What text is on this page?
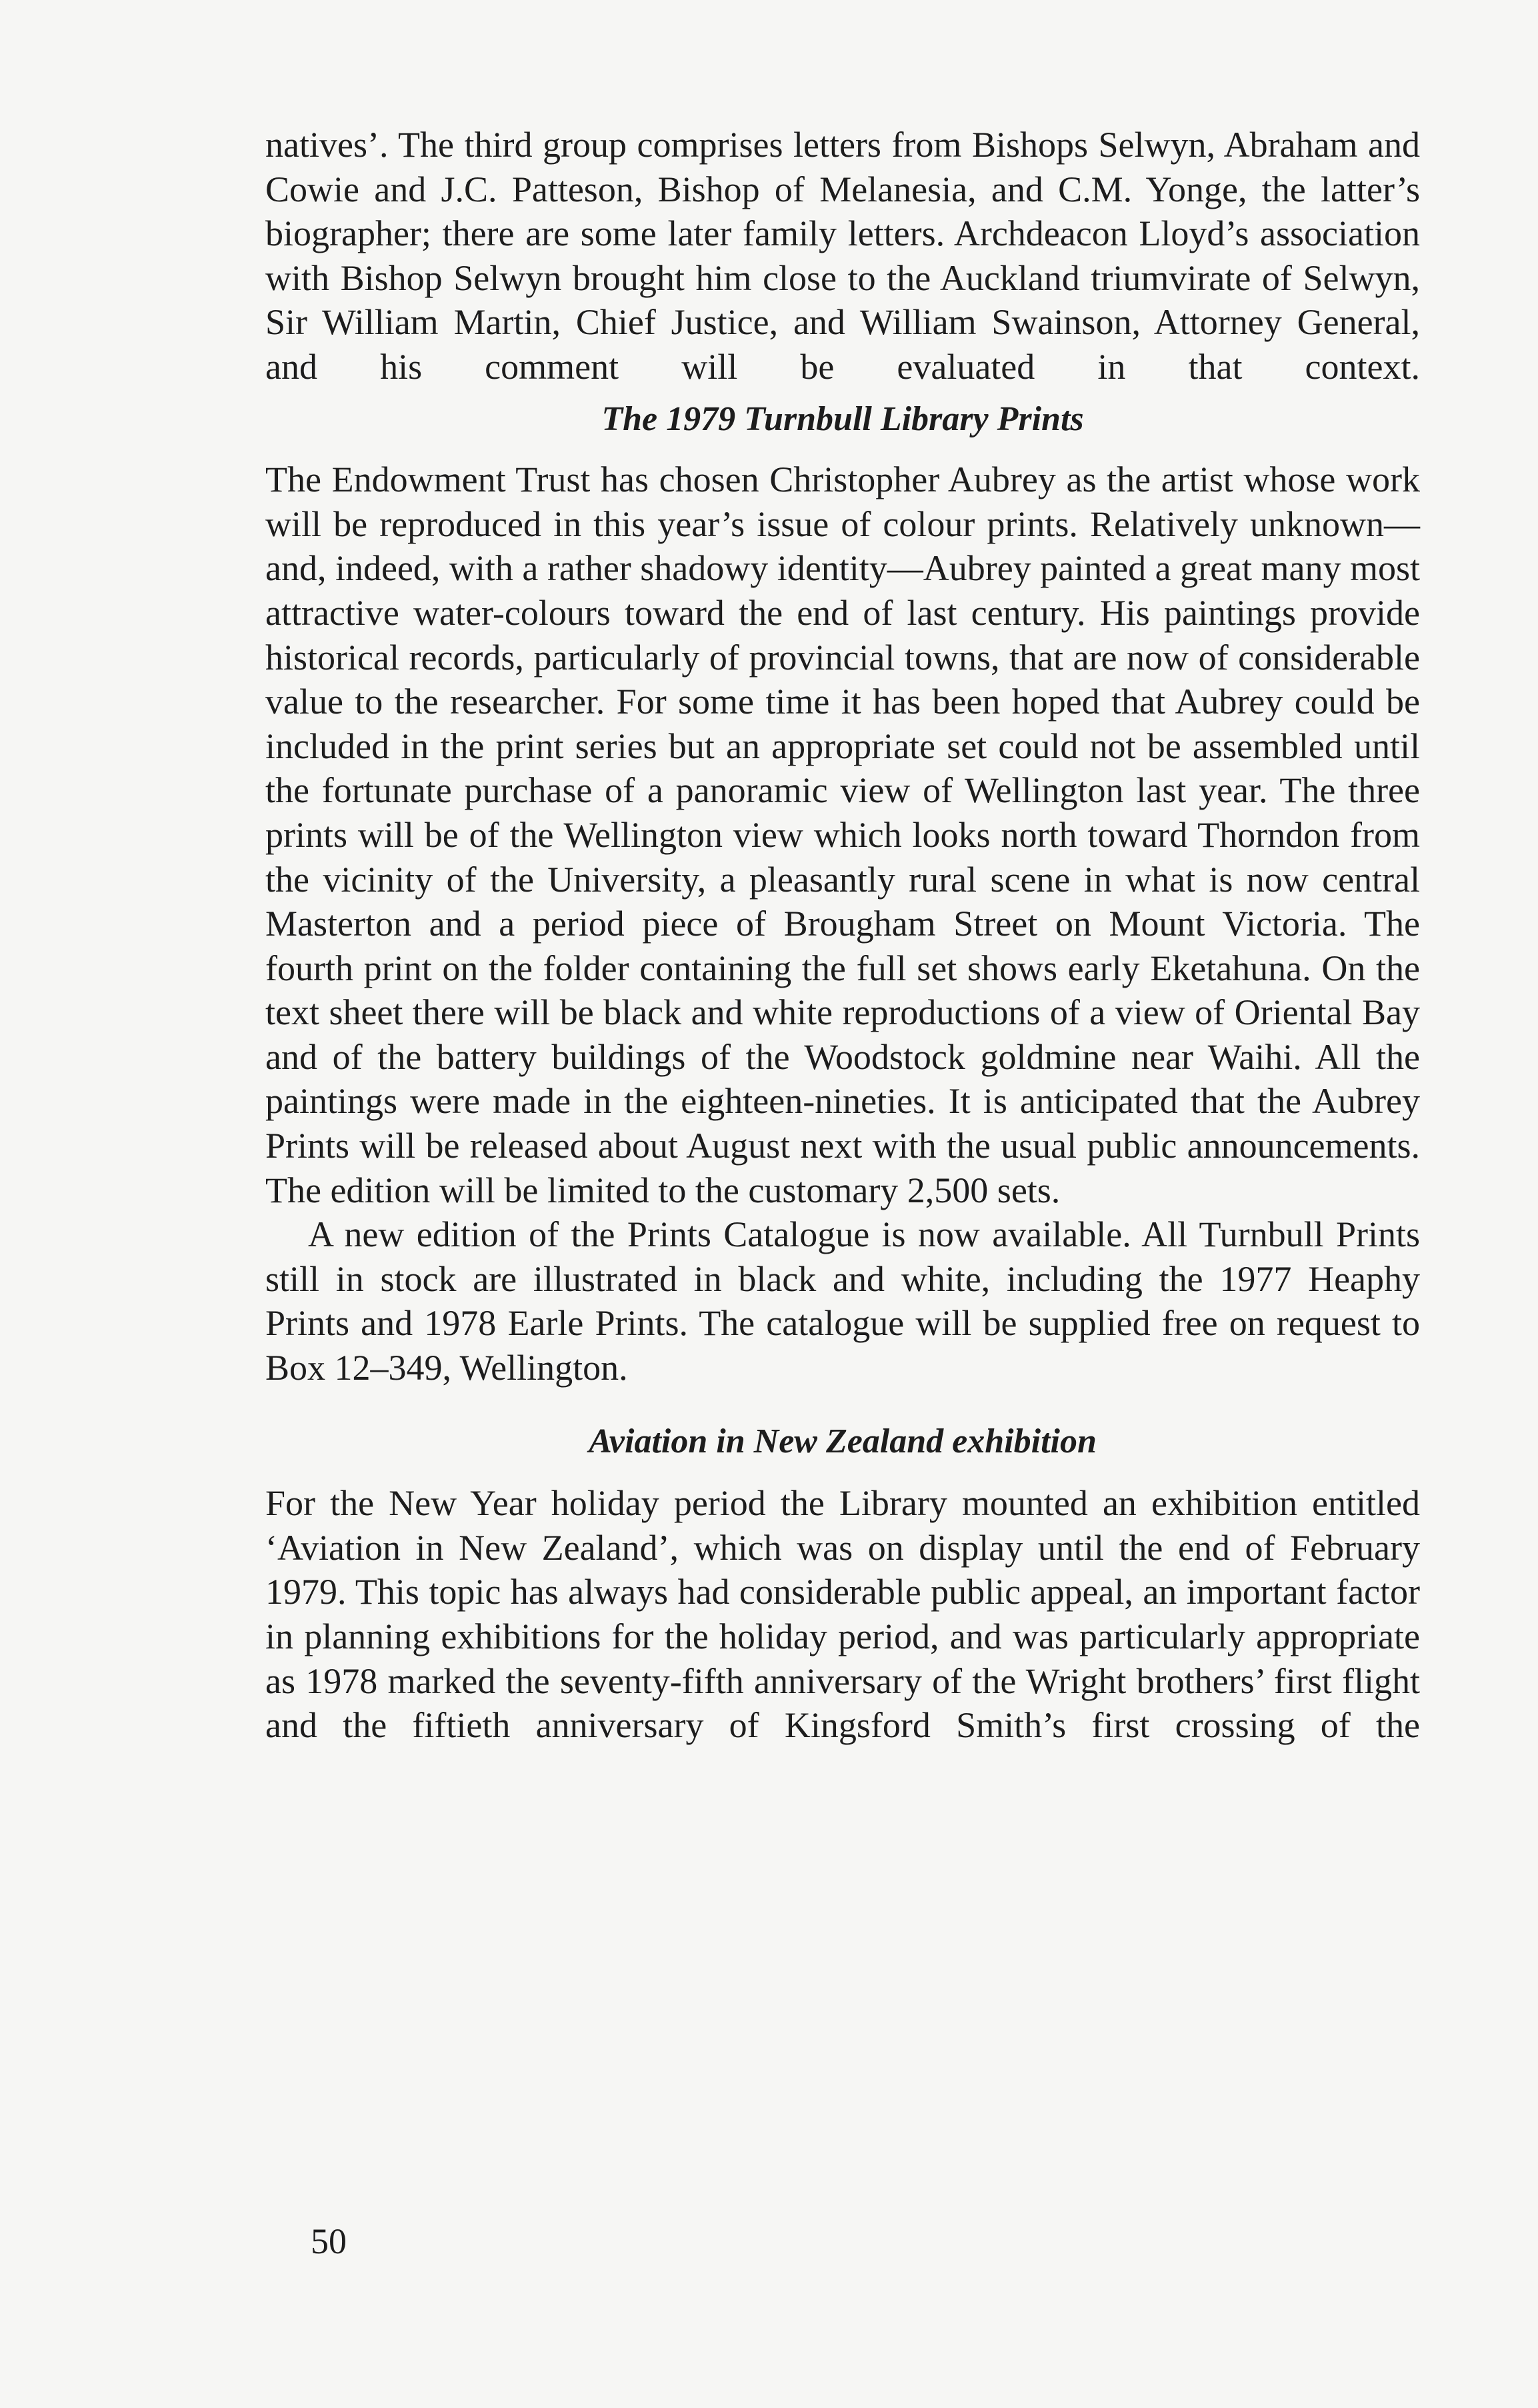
natives’. The third group comprises letters from Bishops Selwyn, Abraham and Cowie and J.C. Patteson, Bishop of Melanesia, and C.M. Yonge, the latter’s biographer; there are some later family letters. Archdeacon Lloyd’s association with Bishop Selwyn brought him close to the Auckland triumvirate of Selwyn, Sir William Martin, Chief Justice, and William Swainson, Attorney General, and his comment will be evaluated in that context.

The 1979 Turnbull Library Prints

The Endowment Trust has chosen Christopher Aubrey as the artist whose work will be reproduced in this year’s issue of colour prints. Relatively unknown—and, indeed, with a rather shadowy identity—Aubrey painted a great many most attractive water-colours toward the end of last century. His paintings provide historical records, particularly of provincial towns, that are now of considerable value to the researcher. For some time it has been hoped that Aubrey could be included in the print series but an appropriate set could not be assembled until the fortunate purchase of a panoramic view of Wellington last year. The three prints will be of the Wellington view which looks north toward Thorndon from the vicinity of the University, a pleasantly rural scene in what is now central Masterton and a period piece of Brougham Street on Mount Victoria. The fourth print on the folder containing the full set shows early Eketahuna. On the text sheet there will be black and white reproductions of a view of Oriental Bay and of the battery buildings of the Woodstock goldmine near Waihi. All the paintings were made in the eighteen-nineties. It is anticipated that the Aubrey Prints will be released about August next with the usual public announcements. The edition will be limited to the customary 2,500 sets.

A new edition of the Prints Catalogue is now available. All Turnbull Prints still in stock are illustrated in black and white, including the 1977 Heaphy Prints and 1978 Earle Prints. The catalogue will be supplied free on request to Box 12–349, Wellington.

Aviation in New Zealand exhibition

For the New Year holiday period the Library mounted an exhibition entitled ‘Aviation in New Zealand’, which was on display until the end of February 1979. This topic has always had considerable public appeal, an important factor in planning exhibitions for the holiday period, and was particularly appropriate as 1978 marked the seventy-fifth anniversary of the Wright brothers’ first flight and the fiftieth anniversary of Kingsford Smith’s first crossing of the

50
